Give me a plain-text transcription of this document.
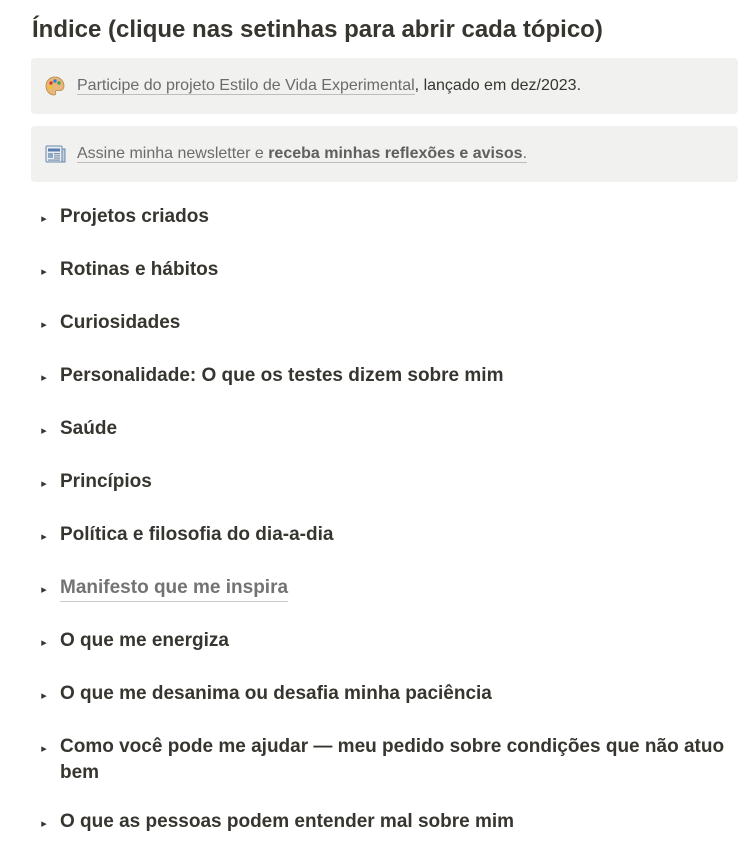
Índice (clique nas setinhas para abrir cada tópico)
Participe do projeto Estilo de Vida Experimental, lançado em dez/2023.
Assine minha newsletter e receba minhas reflexões e avisos.
▸ Projetos criados
▸ Rotinas e hábitos
▸ Curiosidades
▸ Personalidade: O que os testes dizem sobre mim
▸ Saúde
▸ Princípios
▸ Política e filosofia do dia-a-dia
▸ Manifesto que me inspira
▸ O que me energiza
▸ O que me desanima ou desafia minha paciência
▸ Como você pode me ajudar — meu pedido sobre condições que não atuo bem
▸ O que as pessoas podem entender mal sobre mim
